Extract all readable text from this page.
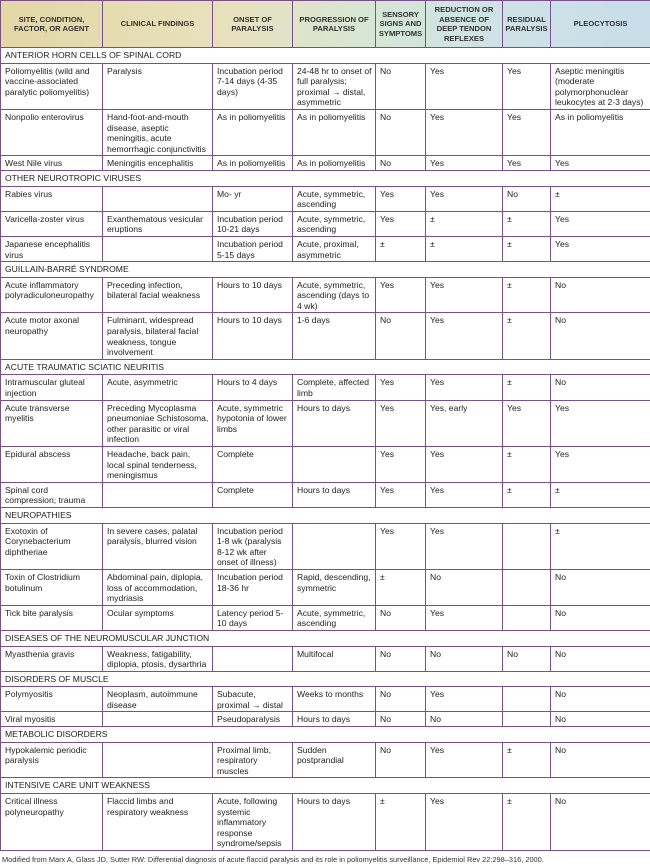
SITE, CONDITION, FACTOR, OR AGENT	CLINICAL FINDINGS	ONSET OF PARALYSIS	PROGRESSION OF PARALYSIS	SENSORY SIGNS AND SYMPTOMS	REDUCTION OR ABSENCE OF DEEP TENDON REFLEXES	RESIDUAL PARALYSIS	PLEOCYTOSIS
ANTERIOR HORN CELLS OF SPINAL CORD							
Poliomyelitis (wild and vaccine-associated paralytic poliomyelitis)	Paralysis	Incubation period 7-14 days (4-35 days)	24-48 hr to onset of full paralysis; proximal → distal, asymmetric	No	Yes	Yes	Aseptic meningitis (moderate polymorphonuclear leukocytes at 2-3 days)
Nonpolio enterovirus	Hand-foot-and-mouth disease, aseptic meningitis, acute hemorrhagic conjunctivitis	As in poliomyelitis	As in poliomyelitis	No	Yes	Yes	As in poliomyelitis
West Nile virus	Meningitis encephalitis	As in poliomyelitis	As in poliomyelitis	No	Yes	Yes	Yes
OTHER NEUROTROPIC VIRUSES							
Rabies virus		Mo- yr	Acute, symmetric, ascending	Yes	Yes	No	±
Varicella-zoster virus	Exanthematous vesicular eruptions	Incubation period 10-21 days	Acute, symmetric, ascending	Yes	±	±	Yes
Japanese encephalitis virus		Incubation period 5-15 days	Acute, proximal, asymmetric	±	±	±	Yes
GUILLAIN-BARRÉ SYNDROME							
Acute inflammatory polyradiculoneuropathy	Preceding infection, bilateral facial weakness	Hours to 10 days	Acute, symmetric, ascending (days to 4 wk)	Yes	Yes	±	No
Acute motor axonal neuropathy	Fulminant, widespread paralysis, bilateral facial weakness, tongue involvement	Hours to 10 days	1-6 days	No	Yes	±	No
ACUTE TRAUMATIC SCIATIC NEURITIS							
Intramuscular gluteal injection	Acute, asymmetric	Hours to 4 days	Complete, affected limb	Yes	Yes	±	No
Acute transverse myelitis	Preceding Mycoplasma pneumoniae Schistosoma, other parasitic or viral infection	Acute, symmetric hypotonia of lower limbs	Hours to days	Yes	Yes, early	Yes	Yes
Epidural abscess	Headache, back pain, local spinal tenderness, meningismus	Complete		Yes	Yes	±	Yes
Spinal cord compression; trauma		Complete	Hours to days	Yes	Yes	±	±
NEUROPATHIES							
Exotoxin of Corynebacterium diphtheriae	In severe cases, palatal paralysis, blurred vision	Incubation period 1-8 wk (paralysis 8-12 wk after onset of illness)		Yes	Yes		±
Toxin of Clostridium botulinum	Abdominal pain, diplopia, loss of accommodation, mydriasis	Incubation period 18-36 hr	Rapid, descending, symmetric	±	No		No
Tick bite paralysis	Ocular symptoms	Latency period 5-10 days	Acute, symmetric, ascending	No	Yes		No
DISEASES OF THE NEUROMUSCULAR JUNCTION							
Myasthenia gravis	Weakness, fatigability, diplopia, ptosis, dysarthria		Multifocal	No	No	No	No
DISORDERS OF MUSCLE							
Polymyositis	Neoplasm, autoimmune disease	Subacute, proximal → distal	Weeks to months	No	Yes		No
Viral myositis		Pseudoparalysis	Hours to days	No	No		No
METABOLIC DISORDERS							
Hypokalemic periodic paralysis		Proximal limb, respiratory muscles	Sudden postprandial	No	Yes	±	No
INTENSIVE CARE UNIT WEAKNESS							
Critical illness polyneuropathy	Flaccid limbs and respiratory weakness	Acute, following systemic inflammatory response syndrome/sepsis	Hours to days	±	Yes	±	No
Modified from Marx A, Glass JD, Sutter RW: Differential diagnosis of acute flaccid paralysis and its role in poliomyelitis surveillance, Epidemiol Rev 22:298–316, 2000.
